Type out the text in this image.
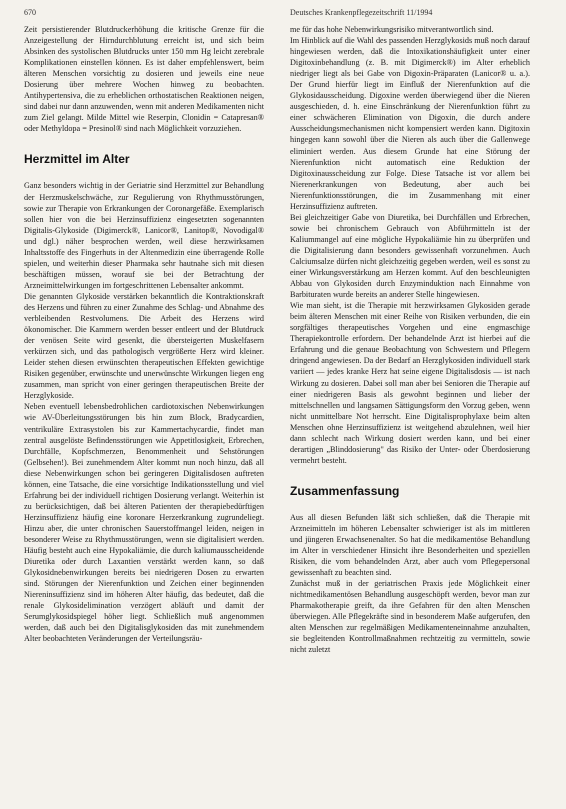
670	Deutsches Krankenpflegezeitschrift 11/1994

Zeit persistierender Blutdruckerhöhung die kritische Grenze für die Anzeigestellung der Hirndurchblutung erreicht ist, und sich beim Absinken des systolischen Blutdrucks unter 150 mm Hg leicht zerebrale Komplikationen einstellen können. Es ist daher empfehlenswert, beim älteren Menschen vorsichtig zu dosieren und jeweils eine neue Dosierung über mehrere Wochen hinweg zu beobachten. Antihypertensiva, die zu erheblichen orthostatischen Reaktionen neigen, sind dabei nur dann anzuwenden, wenn mit anderen Medikamenten nicht zum Ziel gelangt. Milde Mittel wie Reserpin, Clonidin = Catapresan® oder Methyldopa = Presinol® sind nach Möglichkeit vorzuziehen.

Herzmittel im Alter

Ganz besonders wichtig in der Geriatrie sind Herzmittel zur Behandlung der Herzmuskelschwäche, zur Regulierung von Rhythmusstörungen, sowie zur Therapie von Erkrankungen der Coronargefäße. Exemplarisch sollen hier von die bei Herzinsuffizienz eingesetzten sogenannten Digitalis-Glykoside (Digimerck®, Lanicor®, Lanitop®, Novodigal® und dgl.) näher besprochen werden, weil diese herzwirksamen Inhaltsstoffe des Fingerhuts in der Altenmedizin eine überragende Rolle spielen, und weiterhin dieser Pharmaka sehr hautnahe sich mit diesen beschäftigen müssen, worauf sie bei der Betrachtung der Arzneimittelwirkungen im fortgeschrittenen Lebensalter ankommt.

Die genannten Glykoside verstärken bekanntlich die Kontraktionskraft des Herzens und führen zu einer Zunahme des Schlag- und Abnahme des verbleibenden Restvolumens. Die Arbeit des Herzens wird ökonomischer. Die Kammern werden besser entleert und der Blutdruck der venösen Seite wird gesenkt, die übersteigerten Muskelfasern verkürzen sich, und das pathologisch vergrößerte Herz wird kleiner. Leider stehen diesen erwünschten therapeutischen Effekten gewichtige Risiken gegenüber, erwünschte und unerwünschte Wirkungen liegen eng zusammen, man spricht von einer geringen therapeutischen Breite der Herzglykoside.

Neben eventuell lebensbedrohlichen cardiotoxischen Nebenwirkungen wie AV-Überleitungsstörungen bis hin zum Block, Bradycardien, ventrikuläre Extrasystolen bis zur Kammertachycardie, findet man zentral ausgelöste Befindensstörungen wie Appetitlosigkeit, Erbrechen, Durchfälle, Kopfschmerzen, Benommenheit und Sehstörungen (Gelbsehen!). Bei zunehmendem Alter kommt nun noch hinzu, daß all diese Nebenwirkungen schon bei geringeren Digitalisdosen auftreten können, eine Tatsache, die eine vorsichtige Indikationsstellung und viel Erfahrung bei der individuell richtigen Dosierung verlangt. Weiterhin ist zu berücksichtigen, daß bei älteren Patienten der therapiebedürftigen Herzinsuffizienz häufig eine koronare Herzerkrankung zugrundeliegt. Hinzu aber, die unter chronischen Sauerstoffmangel leiden, neigen in besonderer Weise zu Rhythmusstörungen, wenn sie digitalisiert werden. Häufig besteht auch eine Hypokaliämie, die durch kaliumausscheidende Diuretika oder durch Laxantien verstärkt werden kann, so daß Glykosidnebenwirkungen bereits bei niedrigeren Dosen zu erwarten sind. Störungen der Nierenfunktion und Zeichen einer beginnenden Niereninsuffizienz sind im höheren Alter häufig, das bedeutet, daß die renale Glykosidelimination verzögert abläuft und damit der Serumglykosidspiegel höher liegt. Schließlich muß angenommen werden, daß auch bei den Digitalisglykosiden das mit zunehmendem Alter beobachteten Veränderungen der Verteilungsräu-

me für das hohe Nebenwirkungsrisiko mitverantwortlich sind.

Im Hinblick auf die Wahl des passenden Herzglykosids muß noch darauf hingewiesen werden, daß die Intoxikationshäufigkeit unter einer Digitoxinbehandlung (z. B. mit Digimerck®) im Alter erheblich niedriger liegt als bei Gabe von Digoxin-Präparaten (Lanicor® u. a.). Der Grund hierfür liegt im Einfluß der Nierenfunktion auf die Glykosidausscheidung. Digoxine werden überwiegend über die Nieren ausgeschieden, d. h. eine Einschränkung der Nierenfunktion führt zu einer schwächeren Elimination von Digoxin, die durch andere Ausscheidungsmechanismen nicht kompensiert werden kann. Digitoxin hingegen kann sowohl über die Nieren als auch über die Gallenwege eliminiert werden. Aus diesem Grunde hat eine Störung der Nierenfunktion nicht automatisch eine Reduktion der Digitoxinausscheidung zur Folge. Diese Tatsache ist vor allem bei Nierenerkrankungen von Bedeutung, aber auch bei Nierenfunktionsstörungen, die im Zusammenhang mit einer Herzinsuffizienz auftreten.

Bei gleichzeitiger Gabe von Diuretika, bei Durchfällen und Erbrechen, sowie bei chronischem Gebrauch von Abführmitteln ist der Kaliummangel auf eine mögliche Hypokaliämie hin zu überprüfen und die Digitalisierung dann besonders gewissenhaft vorzunehmen. Auch Calciumsalze dürfen nicht gleichzeitig gegeben werden, weil es sonst zu einer Wirkungsverstärkung am Herzen kommt. Auf den beschleunigten Abbau von Glykosiden durch Enzyminduktion nach Einnahme von Barbituraten wurde bereits an anderer Stelle hingewiesen.

Wie man sieht, ist die Therapie mit herzwirksamen Glykosiden gerade beim älteren Menschen mit einer Reihe von Risiken verbunden, die ein sorgfältiges therapeutisches Vorgehen und eine engmaschige Therapiekontrolle erfordern. Der behandelnde Arzt ist hierbei auf die Erfahrung und die genaue Beobachtung von Schwestern und Pflegern dringend angewiesen. Da der Bedarf an Herzglykosiden individuell stark variiert — jedes kranke Herz hat seine eigene Digitalisdosis — ist nach Wirkung zu dosieren. Dabei soll man aber bei Senioren die Therapie auf einer niedrigeren Basis als gewohnt beginnen und lieber der mittelschnellen und langsamen Sättigungsform den Vorzug geben, wenn nicht unmittelbare Not herrscht. Eine Digitalisprophylaxe beim alten Menschen ohne Herzinsuffizienz ist weitgehend abzulehnen, weil hier dann schlecht nach Wirkung dosiert werden kann, und bei einer derartigen „Blinddosierung" das Risiko der Unter- oder Überdosierung vermehrt besteht.

Zusammenfassung

Aus all diesen Befunden läßt sich schließen, daß die Therapie mit Arzneimitteln im höheren Lebensalter schwieriger ist als im mittleren und jüngeren Erwachsenenalter. So hat die medikamentöse Behandlung im Alter in verschiedener Hinsicht ihre Besonderheiten und speziellen Risiken, die vom behandelnden Arzt, aber auch vom Pflegepersonal gewissenhaft zu beachten sind.

Zunächst muß in der geriatrischen Praxis jede Möglichkeit einer nichtmedikamentösen Behandlung ausgeschöpft werden, bevor man zur Pharmakotherapie greift, da ihre Gefahren für den alten Menschen überwiegen. Alle Pflegekräfte sind in besonderem Maße aufgerufen, den alten Menschen zur regelmäßigen Medikamenteneinnahme anzuhalten, sie begleitenden Kontrollmaßnahmen rechtzeitig zu vermitteln, sowie nicht zuletzt
